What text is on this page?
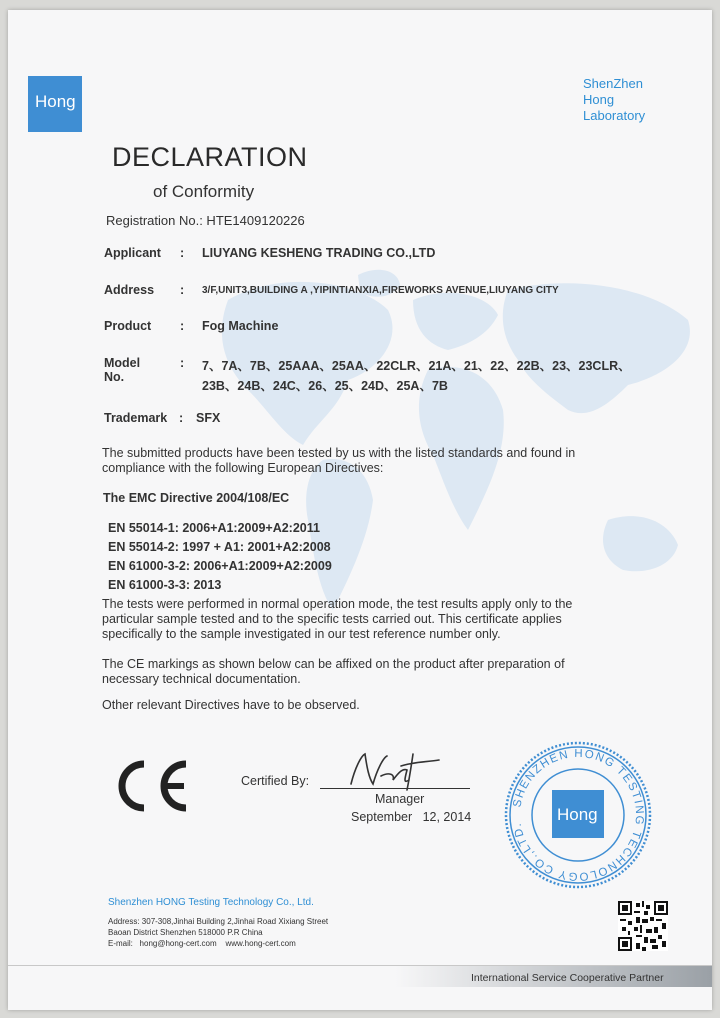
Hong
ShenZhen
Hong
Laboratory
DECLARATION
of Conformity
Registration No.: HTE1409120226
Applicant : LIUYANG KESHENG TRADING CO.,LTD
Address : 3/F,UNIT3,BUILDING A ,YIPINTIANXIA,FIREWORKS AVENUE,LIUYANG CITY
Product : Fog Machine
Model No.
: 7、7A、7B、25AAA、25AA、22CLR、21A、21、22、22B、23、23CLR、
23B、24B、24C、26、25、24D、25A、7B
Trademark : SFX
The submitted products have been tested by us with the listed standards and found in
compliance with the following European Directives:
The EMC Directive 2004/108/EC
EN 55014-1: 2006+A1:2009+A2:2011
EN 55014-2: 1997 + A1: 2001+A2:2008
EN 61000-3-2: 2006+A1:2009+A2:2009
EN 61000-3-3: 2013
The tests were performed in normal operation mode, the test results apply only to the
particular sample tested and to the specific tests carried out. This certificate applies
specifically to the sample investigated in our test reference number only.
The CE markings as shown below can be affixed on the product after preparation of
necessary technical documentation.
Other relevant Directives have to be observed.
Certified By:
Manager
September   12, 2014
SHENZHEN HONG TESTING TECHNOLOGY CO.,LTD.
Hong
Shenzhen HONG Testing Technology Co., Ltd.
Address: 307-308,Jinhai Building 2,Jinhai Road Xixiang Street
Baoan District Shenzhen 518000 P.R China
E-mail:   hong@hong-cert.com    www.hong-cert.com
International Service Cooperative Partner
